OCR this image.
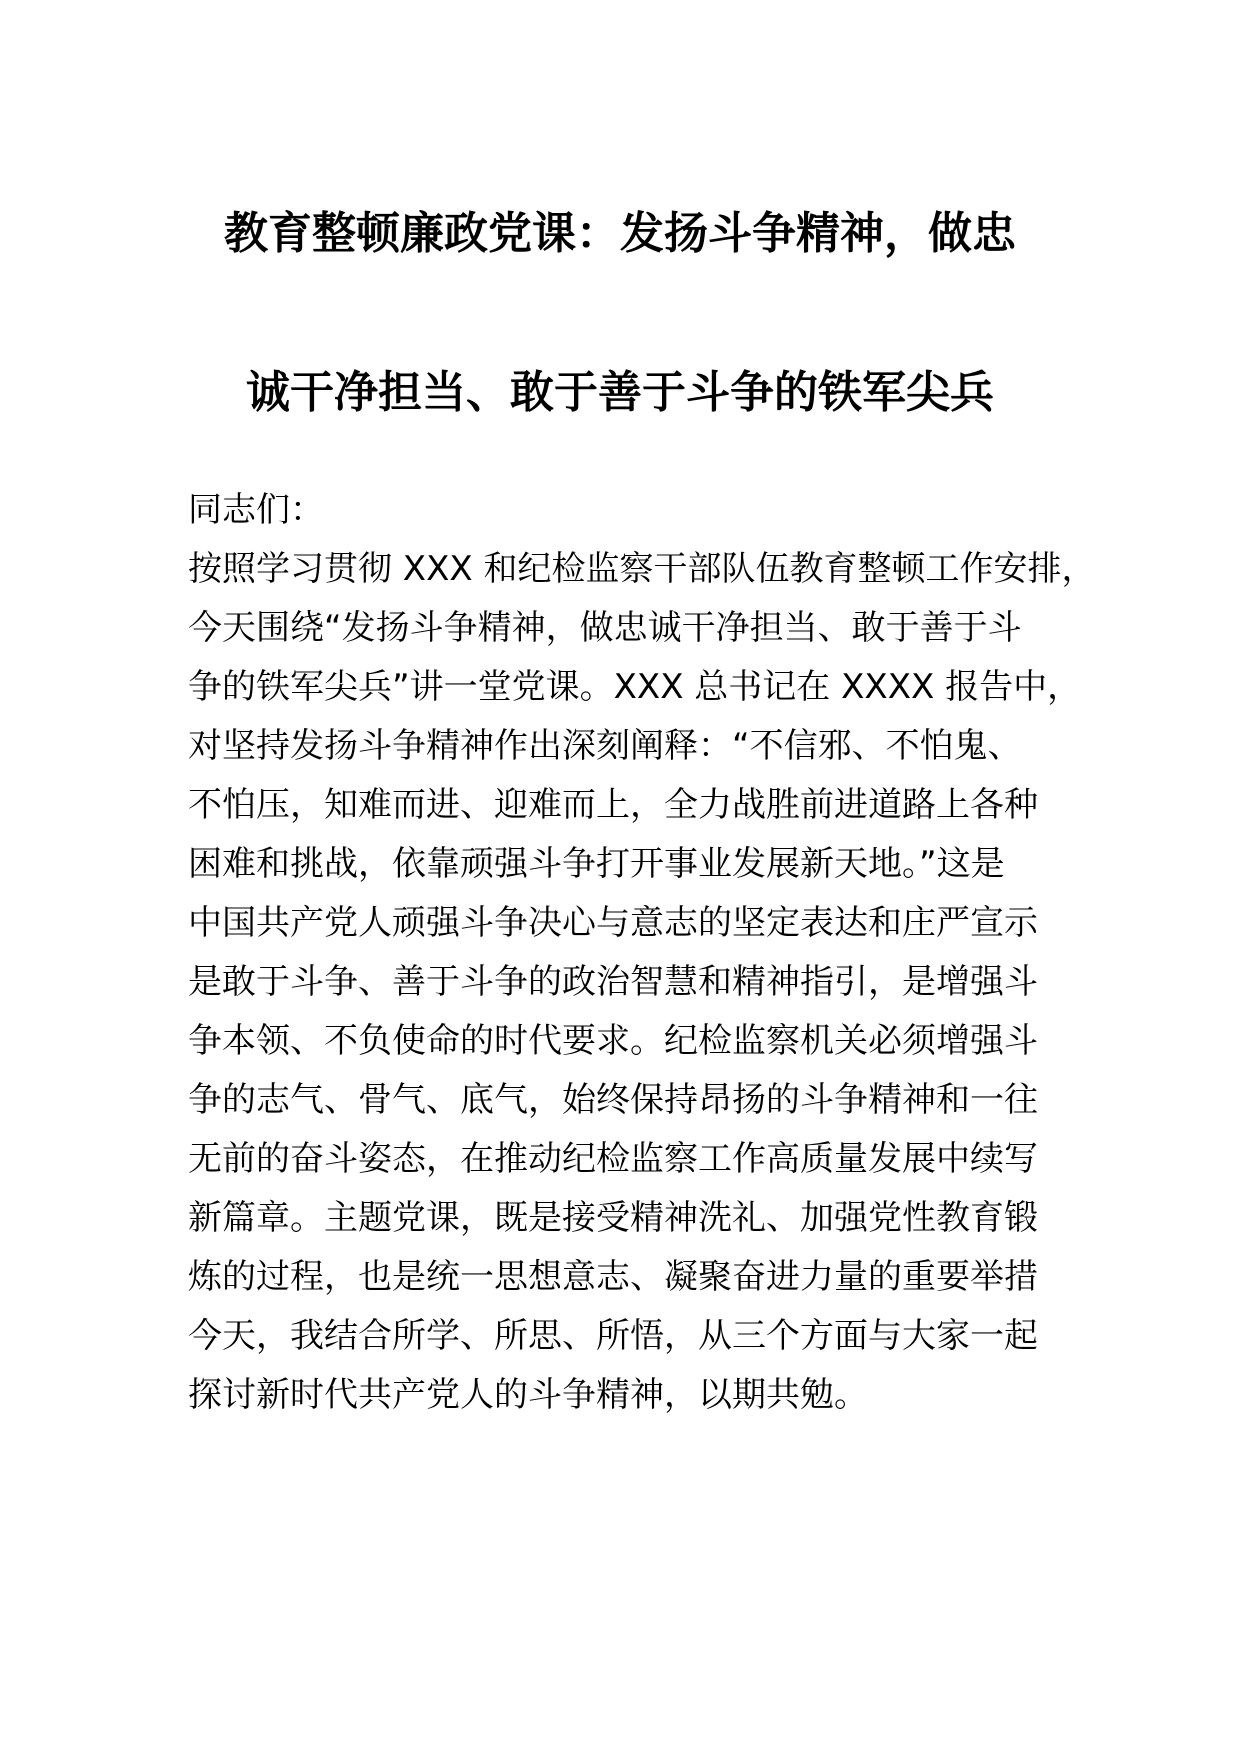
教育整顿廉政党课：发扬斗争精神，做忠
诚干净担当、敢于善于斗争的铁军尖兵
同志们：
按照学习贯彻 XXX 和纪检监察干部队伍教育整顿工作安排，
今天围绕“发扬斗争精神，做忠诚干净担当、敢于善于斗
争的铁军尖兵”讲一堂党课。XXX 总书记在 XXXX 报告中，
对坚持发扬斗争精神作出深刻阐释：“不信邪、不怕鬼、
不怕压，知难而进、迎难而上，全力战胜前进道路上各种
困难和挑战，依靠顽强斗争打开事业发展新天地。”这是
中国共产党人顽强斗争决心与意志的坚定表达和庄严宣示
是敢于斗争、善于斗争的政治智慧和精神指引，是增强斗
争本领、不负使命的时代要求。纪检监察机关必须增强斗
争的志气、骨气、底气，始终保持昂扬的斗争精神和一往
无前的奋斗姿态，在推动纪检监察工作高质量发展中续写
新篇章。主题党课，既是接受精神洗礼、加强党性教育锻
炼的过程，也是统一思想意志、凝聚奋进力量的重要举措
今天，我结合所学、所思、所悟，从三个方面与大家一起
探讨新时代共产党人的斗争精神，以期共勉。
